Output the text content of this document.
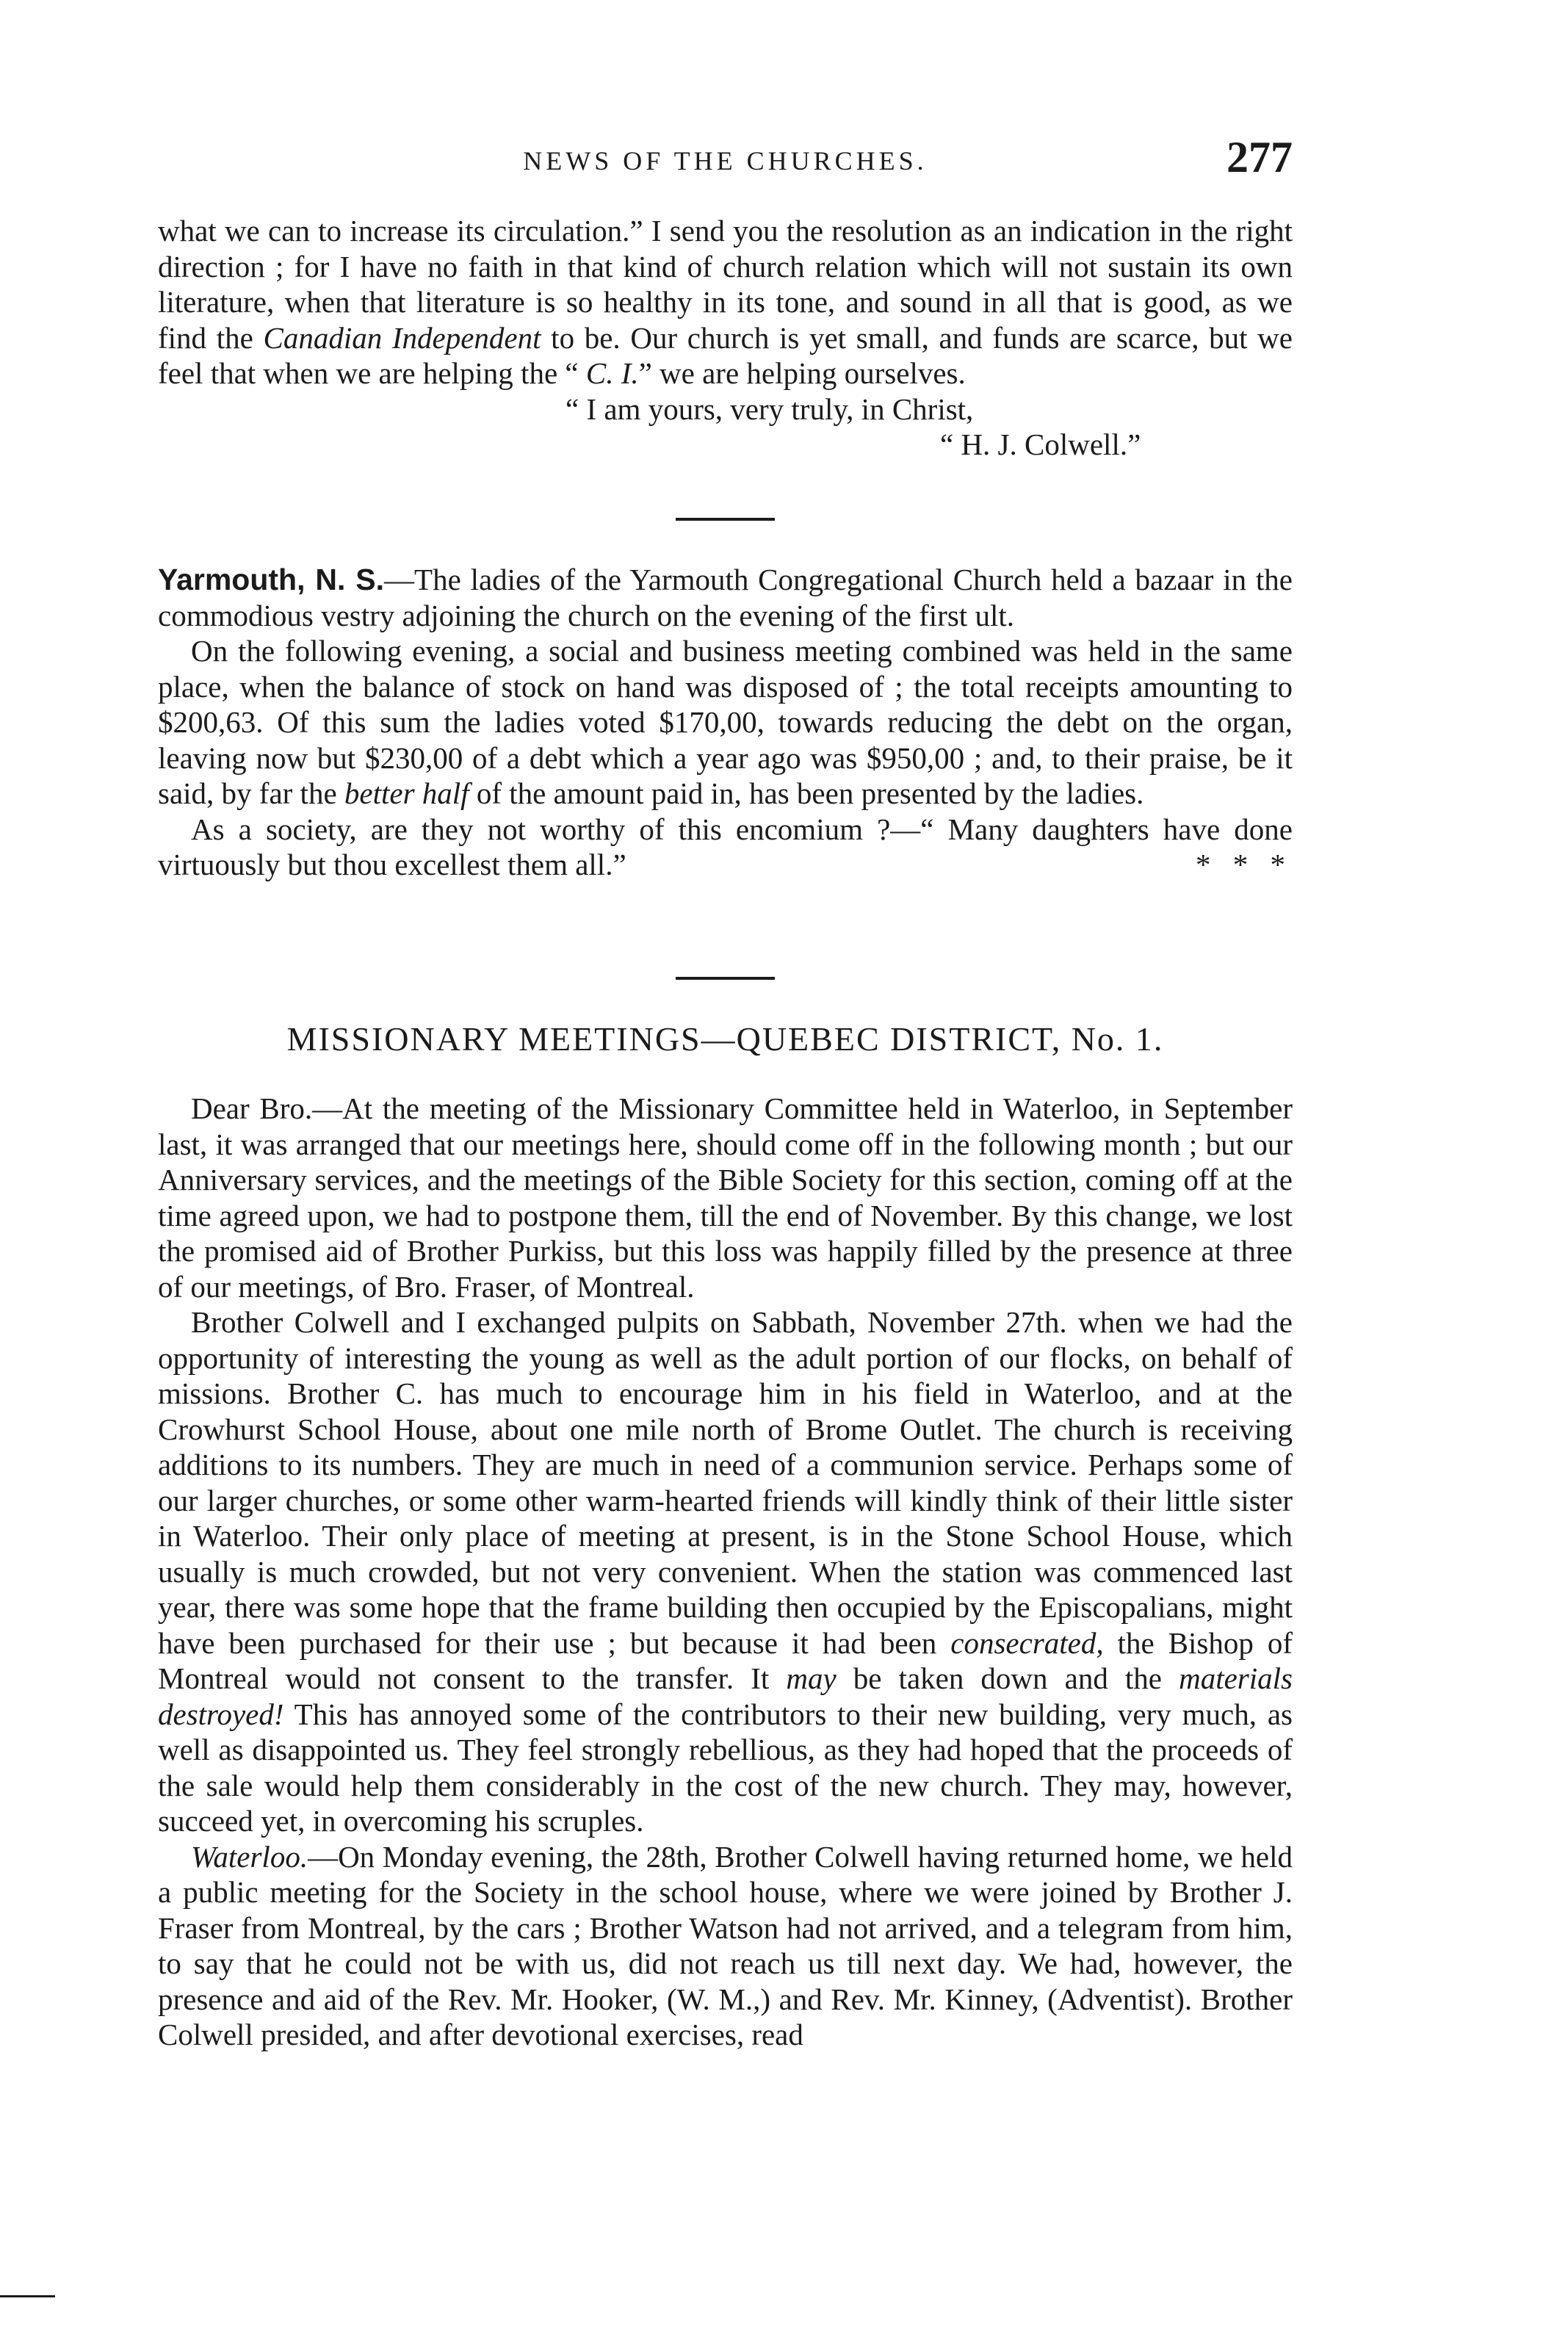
NEWS OF THE CHURCHES.	277

what we can to increase its circulation.” I send you the resolution as an indication in the right direction ; for I have no faith in that kind of church relation which will not sustain its own literature, when that literature is so healthy in its tone, and sound in all that is good, as we find the Canadian Independent to be. Our church is yet small, and funds are scarce, but we feel that when we are helping the “ C. I.” we are helping ourselves.

“ I am yours, very truly, in Christ,

“ H. J. Colwell.”

Yarmouth, N. S.—The ladies of the Yarmouth Congregational Church held a bazaar in the commodious vestry adjoining the church on the evening of the first ult.

On the following evening, a social and business meeting combined was held in the same place, when the balance of stock on hand was disposed of ; the total receipts amounting to $200,63. Of this sum the ladies voted $170,00, towards reducing the debt on the organ, leaving now but $230,00 of a debt which a year ago was $950,00 ; and, to their praise, be it said, by far the better half of the amount paid in, has been presented by the ladies.

As a society, are they not worthy of this encomium ?—“ Many daughters have done virtuously but thou excellest them all.”	* * *

MISSIONARY MEETINGS—QUEBEC DISTRICT, No. 1.

Dear Bro.—At the meeting of the Missionary Committee held in Waterloo, in September last, it was arranged that our meetings here, should come off in the following month ; but our Anniversary services, and the meetings of the Bible Society for this section, coming off at the time agreed upon, we had to postpone them, till the end of November. By this change, we lost the promised aid of Brother Purkiss, but this loss was happily filled by the presence at three of our meetings, of Bro. Fraser, of Montreal.

Brother Colwell and I exchanged pulpits on Sabbath, November 27th. when we had the opportunity of interesting the young as well as the adult portion of our flocks, on behalf of missions. Brother C. has much to encourage him in his field in Waterloo, and at the Crowhurst School House, about one mile north of Brome Outlet. The church is receiving additions to its numbers. They are much in need of a communion service. Perhaps some of our larger churches, or some other warm-hearted friends will kindly think of their little sister in Waterloo. Their only place of meeting at present, is in the Stone School House, which usually is much crowded, but not very convenient. When the station was commenced last year, there was some hope that the frame building then occupied by the Episcopalians, might have been purchased for their use ; but because it had been consecrated, the Bishop of Montreal would not consent to the transfer. It may be taken down and the materials destroyed! This has annoyed some of the contributors to their new building, very much, as well as disappointed us. They feel strongly rebellious, as they had hoped that the proceeds of the sale would help them considerably in the cost of the new church. They may, however, succeed yet, in overcoming his scruples.

Waterloo.—On Monday evening, the 28th, Brother Colwell having returned home, we held a public meeting for the Society in the school house, where we were joined by Brother J. Fraser from Montreal, by the cars ; Brother Watson had not arrived, and a telegram from him, to say that he could not be with us, did not reach us till next day. We had, however, the presence and aid of the Rev. Mr. Hooker, (W. M.,) and Rev. Mr. Kinney, (Adventist). Brother Colwell presided, and after devotional exercises, read
